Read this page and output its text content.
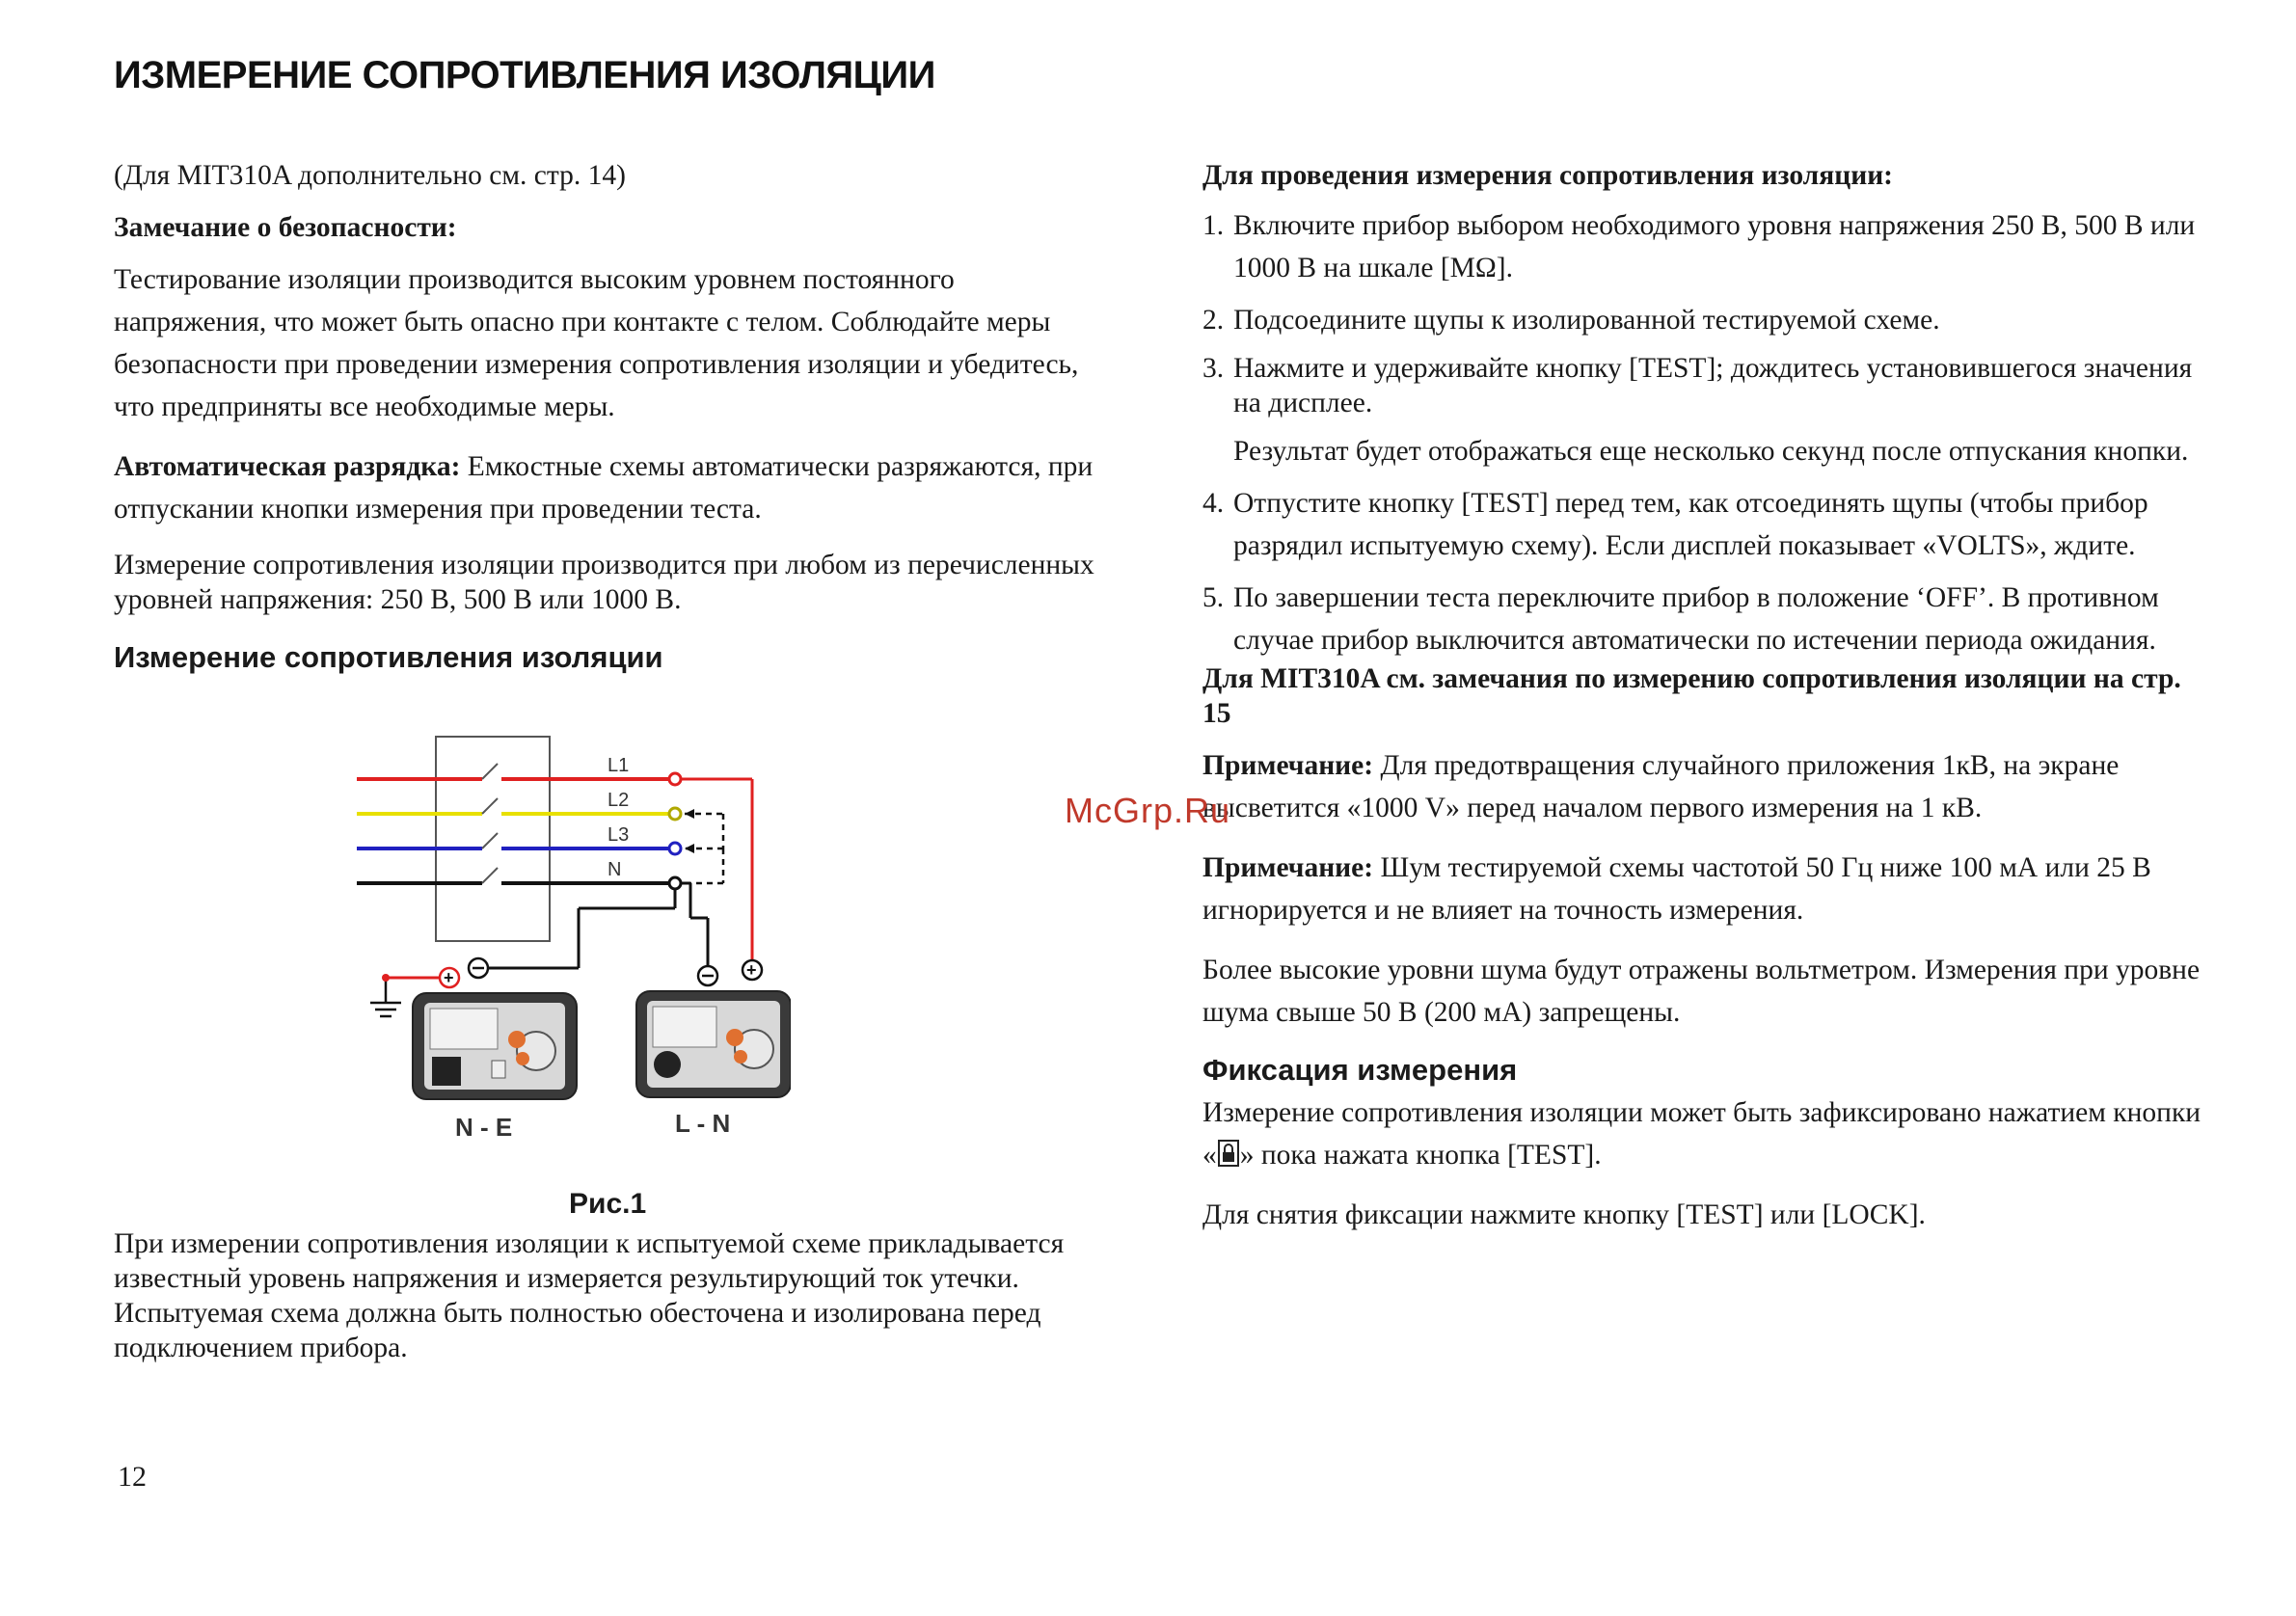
ИЗМЕРЕНИЕ СОПРОТИВЛЕНИЯ ИЗОЛЯЦИИ

(Для MIT310A дополнительно см. стр. 14)

Замечание о безопасности:

Тестирование изоляции производится высоким уровнем постоянного напряжения, что может быть опасно при контакте с телом. Соблюдайте меры безопасности при проведении измерения сопротивления изоляции и убедитесь, что предприняты все необходимые меры.

Автоматическая разрядка: Емкостные схемы автоматически разряжаются, при отпускании кнопки измерения при проведении теста.

Измерение сопротивления изоляции производится при любом из перечисленных уровней напряжения: 250 В, 500 В или 1000 В.

Измерение сопротивления изоляции
L1
L2
L3
N
+
+
N - E	L - N
Рис.1

При измерении сопротивления изоляции к испытуемой схеме прикладывается известный уровень напряжения и измеряется результирующий ток утечки.

Испытуемая схема должна быть полностью обесточена и изолирована перед подключением прибора.

12

Для проведения измерения сопротивления изоляции:

1. Включите прибор выбором необходимого уровня напряжения 250 В, 500 В или 1000 В на шкале [MΩ].
2. Подсоедините щупы к изолированной тестируемой схеме.
3. Нажмите и удерживайте кнопку [TEST]; дождитесь установившегося значения на дисплее.
Результат будет отображаться еще несколько секунд после отпускания кнопки.
4. Отпустите кнопку [TEST] перед тем, как отсоединять щупы (чтобы прибор разрядил испытуемую схему). Если дисплей показывает «VOLTS», ждите.
5. По завершении теста переключите прибор в положение ‘OFF’. В противном случае прибор выключится автоматически по истечении периода ожидания.

Для MIT310A см. замечания по измерению сопротивления изоляции на стр. 15

Примечание: Для предотвращения случайного приложения 1кВ, на экране высветится «1000 V» перед началом первого измерения на 1 кВ.

Примечание: Шум тестируемой схемы частотой 50 Гц ниже 100 мА или 25 В игнорируется и не влияет на точность измерения.

Более высокие уровни шума будут отражены вольтметром. Измерения при уровне шума свыше 50 В (200 мА) запрещены.

Фиксация измерения

Измерение сопротивления изоляции может быть зафиксировано нажатием кнопки « » пока нажата кнопка [TEST].

Для снятия фиксации нажмите кнопку [TEST] или [LOCK].

McGrp.Ru
